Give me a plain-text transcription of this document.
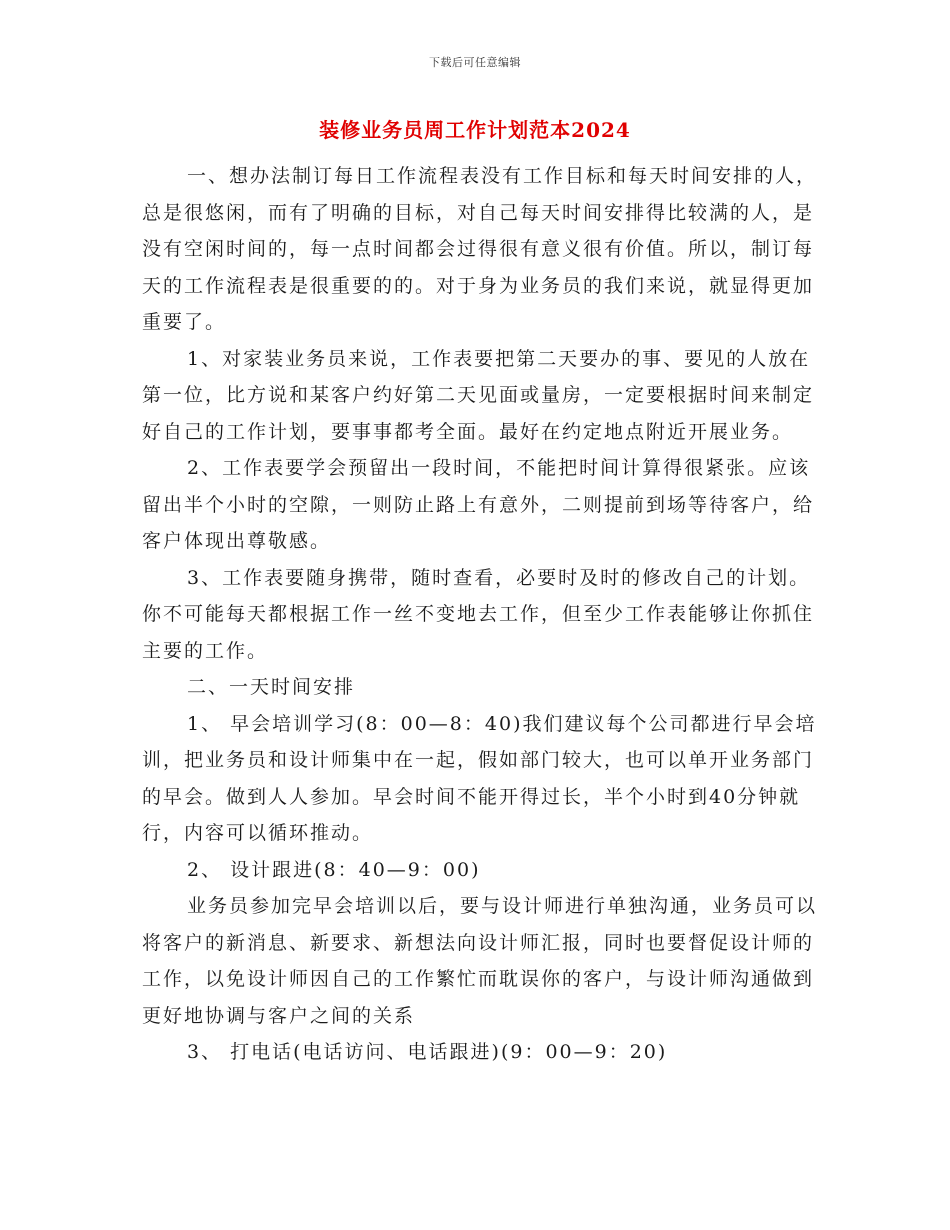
下载后可任意编辑
装修业务员周工作计划范本2024

一、想办法制订每日工作流程表没有工作目标和每天时间安排的人，总是很悠闲，而有了明确的目标，对自己每天时间安排得比较满的人，是没有空闲时间的，每一点时间都会过得很有意义很有价值。所以，制订每天的工作流程表是很重要的的。对于身为业务员的我们来说，就显得更加重要了。

1、对家装业务员来说，工作表要把第二天要办的事、要见的人放在第一位，比方说和某客户约好第二天见面或量房，一定要根据时间来制定好自己的工作计划，要事事都考全面。最好在约定地点附近开展业务。

2、工作表要学会预留出一段时间，不能把时间计算得很紧张。应该留出半个小时的空隙，一则防止路上有意外，二则提前到场等待客户，给客户体现出尊敬感。

3、工作表要随身携带，随时查看，必要时及时的修改自己的计划。你不可能每天都根据工作一丝不变地去工作，但至少工作表能够让你抓住主要的工作。

二、一天时间安排

1、 早会培训学习(8：00—8：40)我们建议每个公司都进行早会培训，把业务员和设计师集中在一起，假如部门较大，也可以单开业务部门的早会。做到人人参加。早会时间不能开得过长，半个小时到40分钟就行，内容可以循环推动。

2、 设计跟进(8：40—9：00)

业务员参加完早会培训以后，要与设计师进行单独沟通，业务员可以将客户的新消息、新要求、新想法向设计师汇报，同时也要督促设计师的工作，以免设计师因自己的工作繁忙而耽误你的客户，与设计师沟通做到更好地协调与客户之间的关系

3、 打电话(电话访问、电话跟进)(9：00—9：20)
